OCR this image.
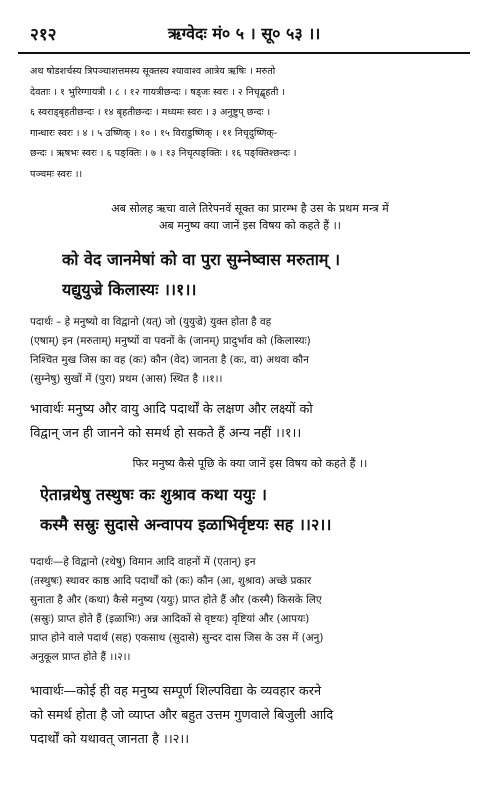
२१२	ऋग्वेदः मं० ५ । सू० ५३ ।।
अथ षोडशर्चस्य त्रिपञ्चाशत्तमस्य सूक्तस्य श्यावाश्व आत्रेय ऋषिः । मरुतो
देवताः । १ भुरिग्गायत्री । ८ । १२ गायत्रीछन्दः । षड्जः स्वरः । २ निचृद्बृहती ।
६ स्वराड्बृहतीछन्दः । १४ बृहतीछन्दः । मध्यमः स्वरः । ३ अनुष्टुप् छन्दः ।
गान्धारः स्वरः । ४ । ५ उष्णिक् । १० । १५ विराडुष्णिक् । ११ निचृदुष्णिक्-
छन्दः । ऋषभः स्वरः । ६ पङ्क्तिः । ७ । १३ निचृत्पङ्क्तिः । १६ पङ्क्तिश्छन्दः ।
पञ्चमः स्वरः ।।
अब सोलह ऋचा वाले तिरेपनवें सूक्त का प्रारम्भ है उस के प्रथम मन्त्र में
अब मनुष्य क्या जानें इस विषय को कहते हैं ।।
को वेद जानमेषां को वा पुरा सुम्नेष्वास मरुताम् ।
यद्युयुज्रे किलास्यः ।।१।।
पदार्थः – हे मनुष्यो वा विद्वानो (यत्) जो (युयुज्रे) युक्त होता है वह
(एषाम्) इन (मरुताम्) मनुष्यों वा पवनों के (जानम्) प्रादुर्भाव को (किलास्यः)
निश्चित मुख जिस का वह (कः) कौन (वेद) जानता है (कः, वा) अथवा कौन
(सुम्नेषु) सुखों में (पुरा) प्रथम (आस) स्थित है ।।१।।
भावार्थः मनुष्य और वायु आदि पदार्थों के लक्षण और लक्ष्यों को
विद्वान् जन ही जानने को समर्थ हो सकते हैं अन्य नहीं ।।१।।
फिर मनुष्य कैसे पूछि के क्या जानें इस विषय को कहते हैं ।।
ऐतान्रथेषु तस्थुषः कः शुश्राव कथा ययुः ।
कस्मै सस्रुः सुदासे अन्वापय इळाभिर्वृष्टयः सह ।।२।।
पदार्थः—हे विद्वानो (रथेषु) विमान आदि वाहनों में (एतान्) इन
(तस्थुषः) स्थावर काष्ठ आदि पदार्थों को (कः) कौन (आ, शुश्राव) अच्छे प्रकार
सुनाता है और (कथा) कैसे मनुष्य (ययुः) प्राप्त होते हैं और (कस्मै) किसके लिए
(सस्रुः) प्राप्त होते हैं (इळाभिः) अन्न आदिकों से वृष्टयः) वृष्टियां और (आपयः)
प्राप्त होने वाले पदार्थ (सह) एकसाथ (सुदासे) सुन्दर दास जिस के उस में (अनु)
अनुकूल प्राप्त होते हैं ।।२।।
भावार्थः—कोई ही वह मनुष्य सम्पूर्ण शिल्पविद्या के व्यवहार करने
को समर्थ होता है जो व्याप्त और बहुत उत्तम गुणवाले बिजुली आदि
पदार्थों को यथावत् जानता है ।।२।।
